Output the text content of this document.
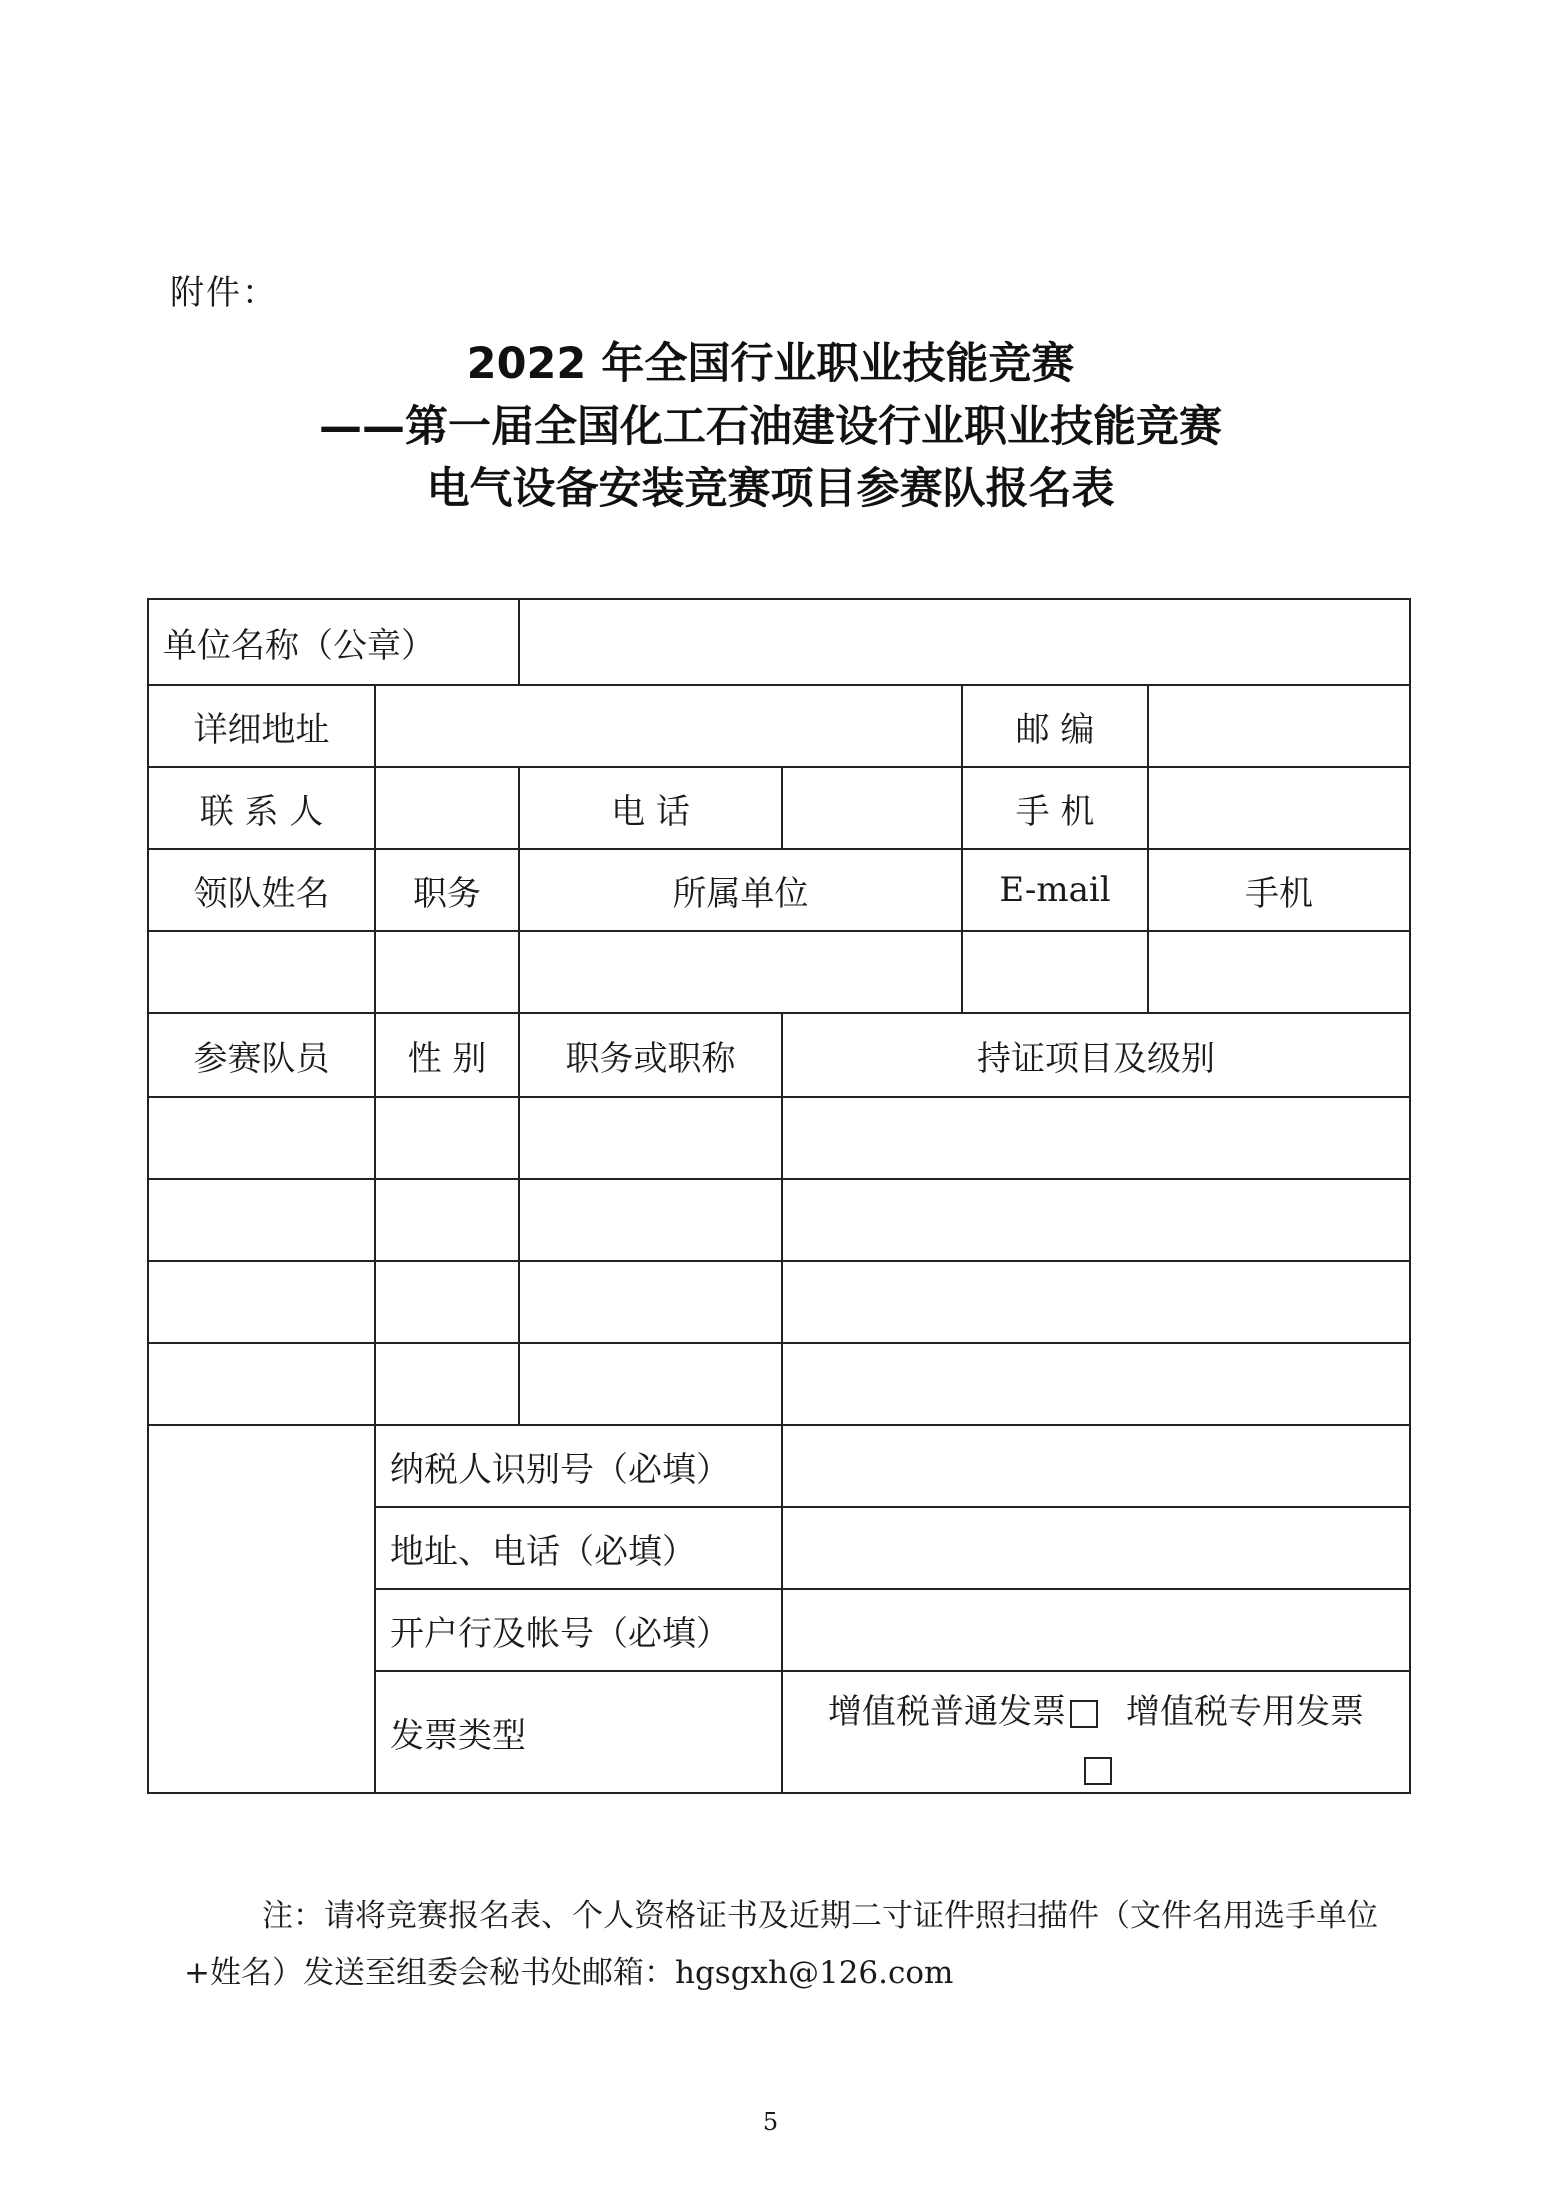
附件：
2022 年全国行业职业技能竞赛
——第一届全国化工石油建设行业职业技能竞赛
电气设备安装竞赛项目参赛队报名表
单位名称（公章）					
详细地址				邮 编	
联 系 人		电 话		手 机	
领队姓名	职务	所属单位		E-mail	手机

参赛队员	性 别	职务或职称	持证项目及级别		

	纳税人识别号（必填）				
	地址、电话（必填）				
	开户行及帐号（必填）				
	发票类型		增值税普通发票 增值税专用发票		
注：请将竞赛报名表、个人资格证书及近期二寸证件照扫描件（文件名用选手单位
+姓名）发送至组委会秘书处邮箱：hgsgxh@126.com
5
